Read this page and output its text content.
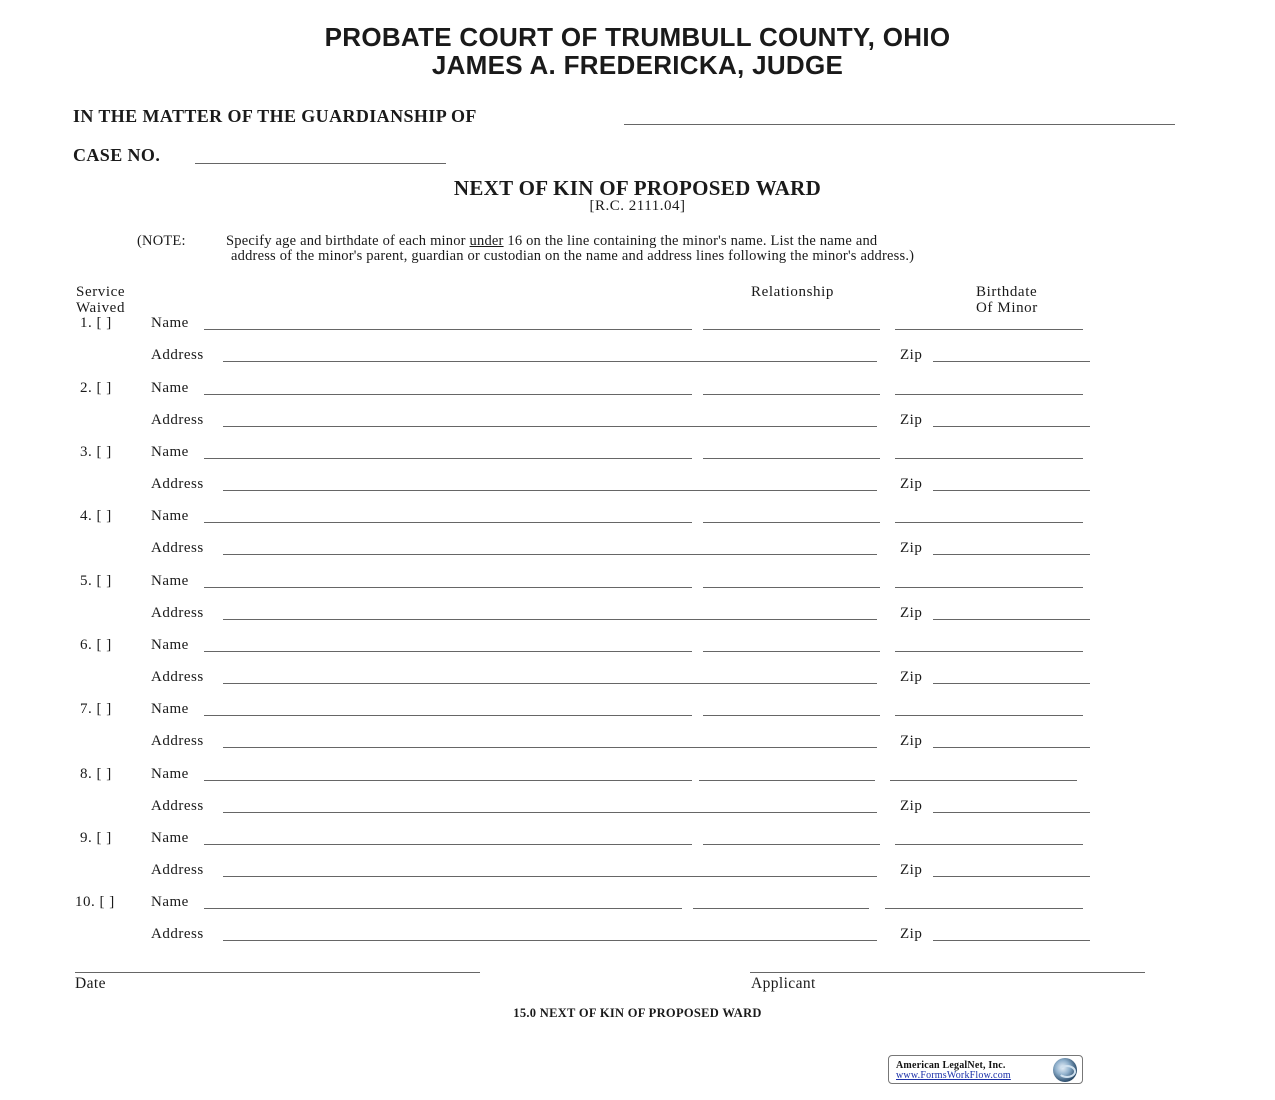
PROBATE COURT OF TRUMBULL COUNTY, OHIO
JAMES A. FREDERICKA, JUDGE
IN THE MATTER OF THE GUARDIANSHIP OF
CASE NO.
NEXT OF KIN OF PROPOSED WARD
[R.C. 2111.04]
(NOTE:	Specify age and birthdate of each minor under 16 on the line containing the minor's name. List the name and
address of the minor's parent, guardian or custodian on the name and address lines following the minor's address.)
Service
Waived
Relationship	Birthdate
Of Minor
1. [ ]	Name
Address	Zip
2. [ ]	Name
Address	Zip
3. [ ]	Name
Address	Zip
4. [ ]	Name
Address	Zip
5. [ ]	Name
Address	Zip
6. [ ]	Name
Address	Zip
7. [ ]	Name
Address	Zip
8. [ ]	Name
Address	Zip
9. [ ]	Name
Address	Zip
10. [ ] Name
Address	Zip
Date	Applicant
15.0 NEXT OF KIN OF PROPOSED WARD
American LegalNet, Inc.
www.FormsWorkFlow.com
